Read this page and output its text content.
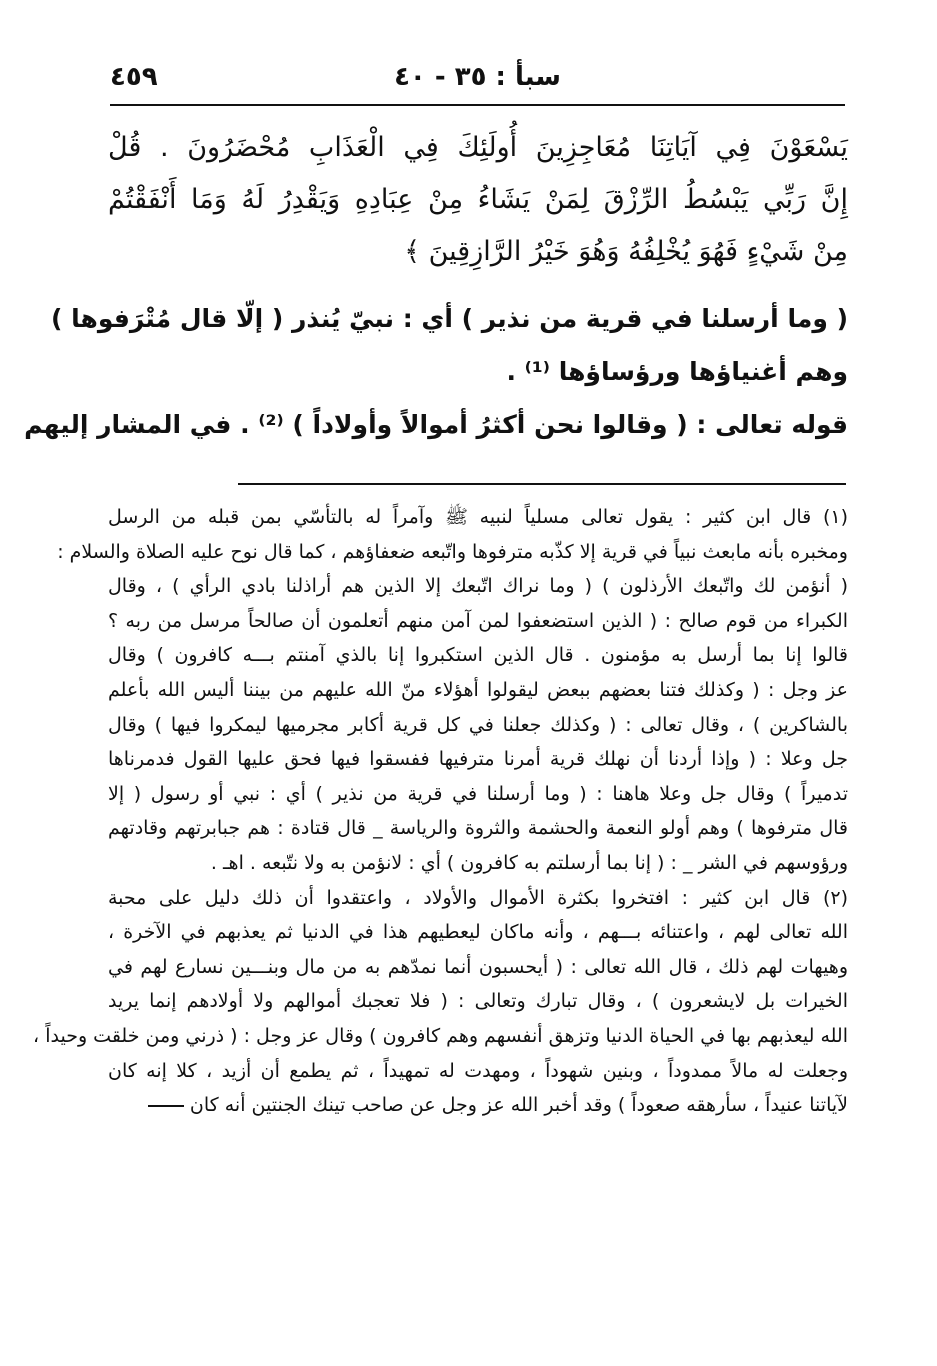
سبأ : ٣٥ - ٤٠
٤٥٩
يَسْعَوْنَ فِي آيَاتِنَا مُعَاجِزِينَ أُولَئِكَ فِي الْعَذَابِ مُحْضَرُونَ . قُلْ
إِنَّ رَبِّي يَبْسُطُ الرِّزْقَ لِمَنْ يَشَاءُ مِنْ عِبَادِهِ وَيَقْدِرُ لَهُ وَمَا أَنْفَقْتُمْ
مِنْ شَيْءٍ فَهُوَ يُخْلِفُهُ وَهُوَ خَيْرُ الرَّازِقِينَ ﴾
( وما أرسلنا في قرية من نذير ) أي : نبيّ يُنذر ( إلّا قال مُتْرَفوها )
وهم أغنياؤها ورؤساؤها ⁽¹⁾ .
قوله تعالى : ( وقالوا نحن أكثرُ أموالاً وأولاداً ) ⁽²⁾ . في المشار إليهم
(١) قال ابن كثير : يقول تعالى مسلياً لنبيه ﷺ وآمراً له بالتأسّي بمن قبله من الرسل
ومخبره بأنه مابعث نبياً في قرية إلا كذّبه مترفوها واتّبعه ضعفاؤهم ، كما قال نوح عليه الصلاة والسلام :
( أنؤمن لك واتّبعك الأرذلون ) ( وما نراك اتّبعك إلا الذين هم أراذلنا بادي الرأي ) ، وقال
الكبراء من قوم صالح : ( الذين استضعفوا لمن آمن منهم أتعلمون أن صالحاً مرسل من ربه ؟
قالوا إنا بما أرسل به مؤمنون . قال الذين استكبروا إنا بالذي آمنتم بـــه كافرون ) وقال
عز وجل : ( وكذلك فتنا بعضهم ببعض ليقولوا أهؤلاء منّ الله عليهم من بيننا أليس الله بأعلم
بالشاكرين ) ، وقال تعالى : ( وكذلك جعلنا في كل قرية أكابر مجرميها ليمكروا فيها ) وقال
جل وعلا : ( وإذا أردنا أن نهلك قرية أمرنا مترفيها ففسقوا فيها فحق عليها القول فدمرناها
تدميراً ) وقال جل وعلا هاهنا : ( وما أرسلنا في قرية من نذير ) أي : نبي أو رسول ( إلا
قال مترفوها ) وهم أولو النعمة والحشمة والثروة والرياسة _ قال قتادة : هم جبابرتهم وقادتهم
ورؤوسهم في الشر _ : ( إنا بما أرسلتم به كافرون ) أي : لانؤمن به ولا نتّبعه . اهـ .
(٢) قال ابن كثير : افتخروا بكثرة الأموال والأولاد ، واعتقدوا أن ذلك دليل على محبة
الله تعالى لهم ، واعتنائه بـــهم ، وأنه ماكان ليعطيهم هذا في الدنيا ثم يعذبهم في الآخرة ،
وهيهات لهم ذلك ، قال الله تعالى : ( أيحسبون أنما نمدّهم به من مال وبنـــين نسارع لهم في
الخيرات بل لايشعرون ) ، وقال تبارك وتعالى : ( فلا تعجبك أموالهم ولا أولادهم إنما يريد
الله ليعذبهم بها في الحياة الدنيا وتزهق أنفسهم وهم كافرون ) وقال عز وجل : ( ذرني ومن خلقت وحيداً ،
وجعلت له مالاً ممدوداً ، وبنين شهوداً ، ومهدت له تمهيداً ، ثم يطمع أن أزيد ، كلا إنه كان
لآياتنا عنيداً ، سأرهقه صعوداً ) وقد أخبر الله عز وجل عن صاحب تينك الجنتين أنه كان
